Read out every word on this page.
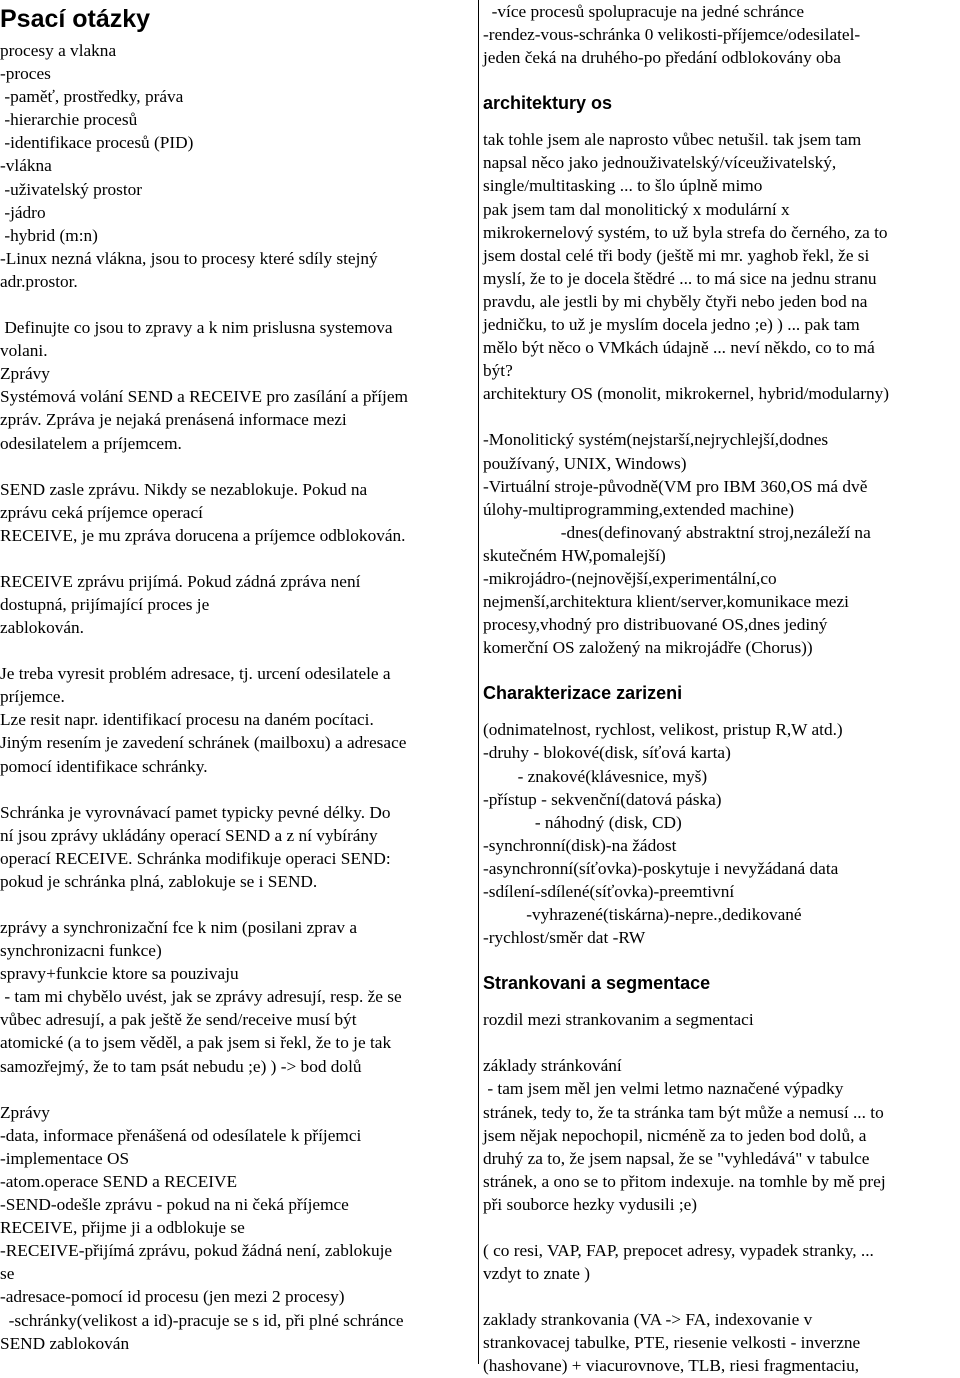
Psací otázky
procesy a vlakna
-proces
-paměť, prostředky, práva
-hierarchie procesů
-identifikace procesů (PID)
-vlákna
-uživatelský prostor
-jádro
-hybrid (m:n)
-Linux nezná vlákna, jsou to procesy které sdíly stejný
adr.prostor.
Definujte co jsou to zpravy a k nim prislusna systemova
volani.
Zprávy
Systémová volání SEND a RECEIVE pro zasílání a příjem
zpráv. Zpráva je nejaká prenásená informace mezi
odesilatelem a príjemcem.
SEND zasle zprávu. Nikdy se nezablokuje. Pokud na
zprávu ceká príjemce operací
RECEIVE, je mu zpráva dorucena a príjemce odblokován.
RECEIVE zprávu prijímá. Pokud zádná zpráva není
dostupná, prijímající proces je
zablokován.
Je treba vyresit problém adresace, tj. urcení odesilatele a
príjemce.
Lze resit napr. identifikací procesu na daném pocítaci.
Jiným resením je zavedení schránek (mailboxu) a adresace
pomocí identifikace schránky.
Schránka je vyrovnávací pamet typicky pevné délky. Do
ní jsou zprávy ukládány operací SEND a z ní vybírány
operací RECEIVE. Schránka modifikuje operaci SEND:
pokud je schránka plná, zablokuje se i SEND.
zprávy a synchronizační fce k nim (posilani zprav a
synchronizacni funkce)
spravy+funkcie ktore sa pouzivaju
- tam mi chybělo uvést, jak se zprávy adresují, resp. že se
vůbec adresují, a pak ještě že send/receive musí být
atomické (a to jsem věděl, a pak jsem si řekl, že to je tak
samozřejmý, že to tam psát nebudu ;e) ) -> bod dolů
Zprávy
-data, informace přenášená od odesílatele k příjemci
-implementace OS
-atom.operace SEND a RECEIVE
-SEND-odešle zprávu - pokud na ni čeká příjemce
RECEIVE, přijme ji a odblokuje se
-RECEIVE-přijímá zprávu, pokud žádná není, zablokuje
se
-adresace-pomocí id procesu (jen mezi 2 procesy)
-schránky(velikost a id)-pracuje se s id, při plné schránce
SEND zablokován
-více procesů spolupracuje na jedné schránce
-rendez-vous-schránka 0 velikosti-příjemce/odesilatel-
jeden čeká na druhého-po předání odblokovány oba
architektury os
tak tohle jsem ale naprosto vůbec netušil. tak jsem tam
napsal něco jako jednouživatelský/víceuživatelský,
single/multitasking ... to šlo úplně mimo
pak jsem tam dal monolitický x modulární x
mikrokernelový systém, to už byla strefa do černého, za to
jsem dostal celé tři body (ještě mi mr. yaghob řekl, že si
myslí, že to je docela štědré ... to má sice na jednu stranu
pravdu, ale jestli by mi chyběly čtyři nebo jeden bod na
jedničku, to už je myslím docela jedno ;e) ) ... pak tam
mělo být něco o VMkách údajně ... neví někdo, co to má
být?
architektury OS (monolit, mikrokernel, hybrid/modularny)
-Monolitický systém(nejstarší,nejrychlejší,dodnes
používaný, UNIX, Windows)
-Virtuální stroje-původně(VM pro IBM 360,OS má dvě
úlohy-multiprogramming,extended machine)
-dnes(definovaný abstraktní stroj,nezáleží na
skutečném HW,pomalejší)
-mikrojádro-(nejnovější,experimentální,co
nejmenší,architektura klient/server,komunikace mezi
procesy,vhodný pro distribuované OS,dnes jediný
komerční OS založený na mikrojádře (Chorus))
Charakterizace zarizeni
(odnimatelnost, rychlost, velikost, pristup R,W atd.)
-druhy - blokové(disk, síťová karta)
- znakové(klávesnice, myš)
-přístup - sekvenční(datová páska)
- náhodný (disk, CD)
-synchronní(disk)-na žádost
-asynchronní(síťovka)-poskytuje i nevyžádaná data
-sdílení-sdílené(síťovka)-preemtivní
-vyhrazené(tiskárna)-nepre.,dedikované
-rychlost/směr dat -RW
Strankovani a segmentace
rozdil mezi strankovanim a segmentaci
základy stránkování
- tam jsem měl jen velmi letmo naznačené výpadky
stránek, tedy to, že ta stránka tam být může a nemusí ... to
jsem nějak nepochopil, nicméně za to jeden bod dolů, a
druhý za to, že jsem napsal, že se "vyhledává" v tabulce
stránek, a ono se to přitom indexuje. na tomhle by mě prej
při souborce hezky vydusili ;e)
( co resi, VAP, FAP, prepocet adresy, vypadek stranky, ...
vzdyt to znate )
zaklady strankovania (VA -> FA, indexovanie v
strankovacej tabulke, PTE, riesenie velkosti - inverzne
(hashovane) + viacurovnove, TLB, riesi fragmentaciu,
